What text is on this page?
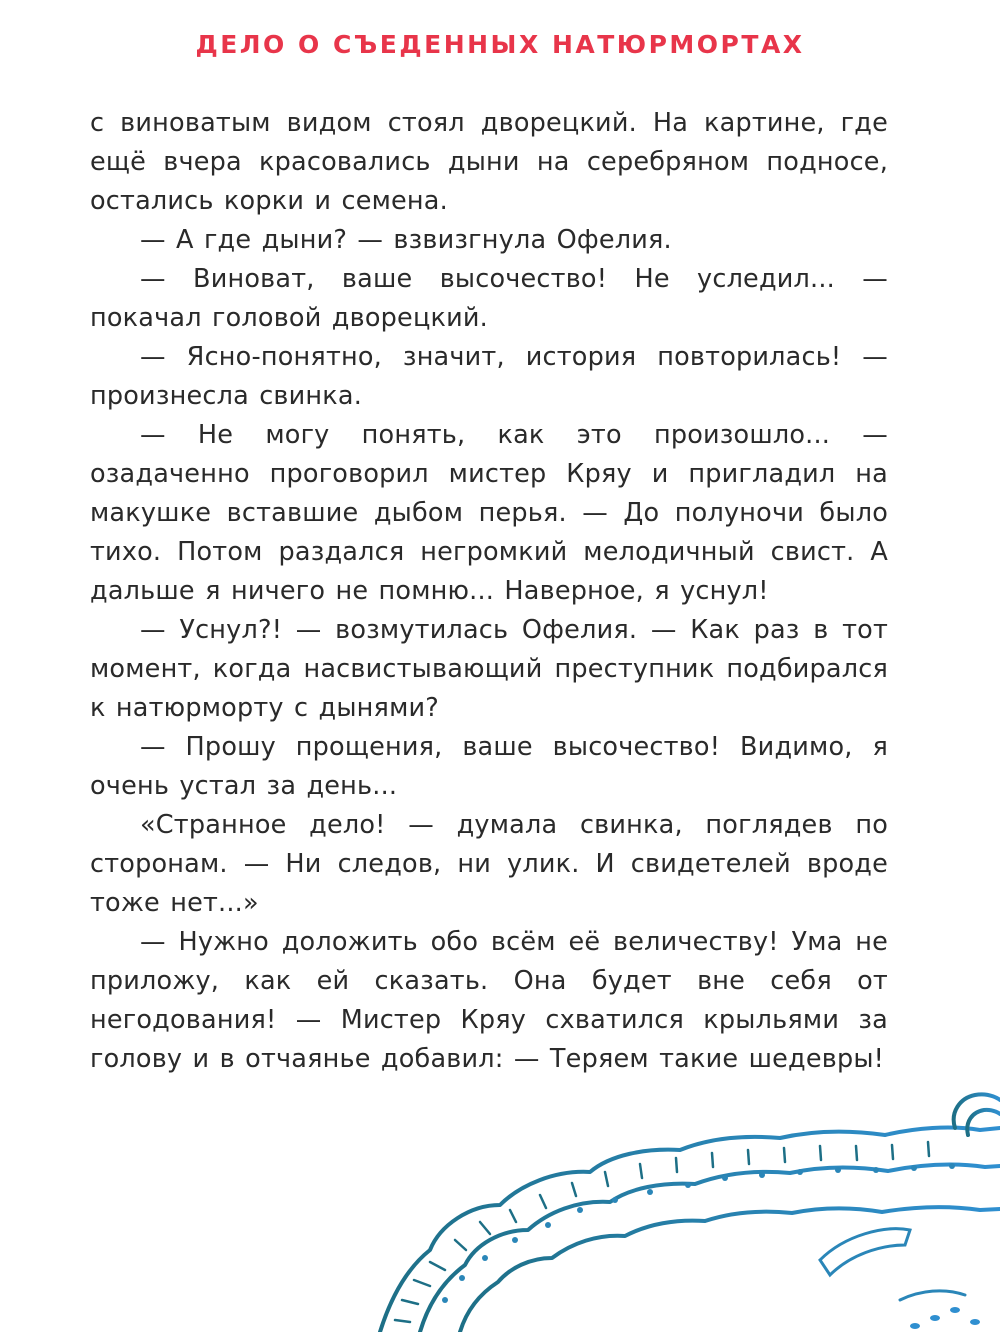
ДЕЛО О СЪЕДЕННЫХ НАТЮРМОРТАХ

с виноватым видом стоял дворецкий. На картине, где ещё вчера красовались дыни на серебряном подносе, остались корки и семена.

— А где дыни? — взвизгнула Офелия.

— Виноват, ваше высочество! Не уследил... — покачал головой дворецкий.

— Ясно-понятно, значит, история повторилась! — произнесла свинка.

— Не могу понять, как это произошло... — озадаченно проговорил мистер Кряу и пригладил на макушке вставшие дыбом перья. — До полуночи было тихо. Потом раздался негромкий мелодичный свист. А дальше я ничего не помню... Наверное, я уснул!

— Уснул?! — возмутилась Офелия. — Как раз в тот момент, когда насвистывающий преступник подбирался к натюрморту с дынями?

— Прошу прощения, ваше высочество! Видимо, я очень устал за день...

«Странное дело! — думала свинка, поглядев по сторонам. — Ни следов, ни улик. И свидетелей вроде тоже нет...»

— Нужно доложить обо всём её величеству! Ума не приложу, как ей сказать. Она будет вне себя от негодования! — Мистер Кряу схватился крыльями за голову и в отчаянье добавил: — Теряем такие шедевры!
